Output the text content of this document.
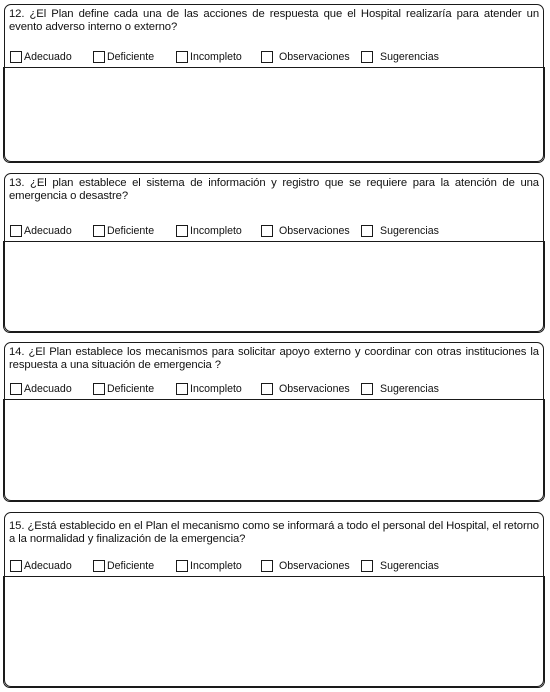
12. ¿El Plan define cada una de las acciones de respuesta que el Hospital realizaría para atender un evento adverso interno o externo?
Adecuado	Deficiente	Incompleto	Observaciones	Sugerencias
13. ¿El plan establece el sistema de información y registro que se requiere para la atención de una emergencia o desastre?
Adecuado	Deficiente	Incompleto	Observaciones	Sugerencias
14. ¿El Plan establece los mecanismos para solicitar apoyo externo y coordinar con otras instituciones la respuesta a una situación de emergencia ?
Adecuado	Deficiente	Incompleto	Observaciones	Sugerencias
15. ¿Está establecido en el Plan el mecanismo como se informará a todo el personal del Hospital, el retorno a la normalidad y finalización de la emergencia?
Adecuado	Deficiente	Incompleto	Observaciones	Sugerencias
